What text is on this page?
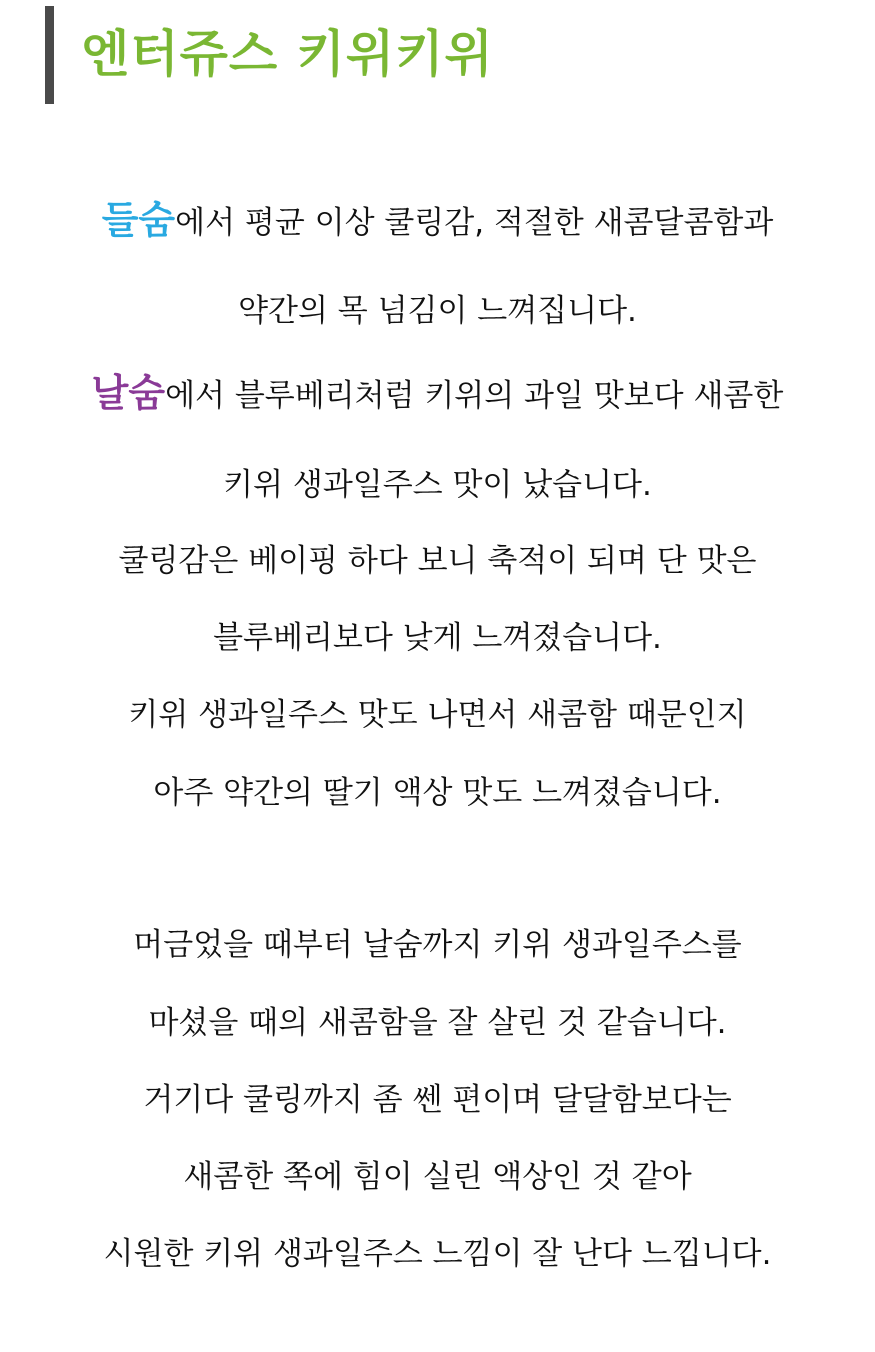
엔터쥬스 키위키위
들숨에서 평균 이상 쿨링감, 적절한 새콤달콤함과
약간의 목 넘김이 느껴집니다.
날숨에서 블루베리처럼 키위의 과일 맛보다 새콤한
키위 생과일주스 맛이 났습니다.
쿨링감은 베이핑 하다 보니 축적이 되며 단 맛은
블루베리보다 낮게 느껴졌습니다.
키위 생과일주스 맛도 나면서 새콤함 때문인지
아주 약간의 딸기 액상 맛도 느껴졌습니다.
머금었을 때부터 날숨까지 키위 생과일주스를
마셨을 때의 새콤함을 잘 살린 것 같습니다.
거기다 쿨링까지 좀 쎈 편이며 달달함보다는
새콤한 쪽에 힘이 실린 액상인 것 같아
시원한 키위 생과일주스 느낌이 잘 난다 느낍니다.
